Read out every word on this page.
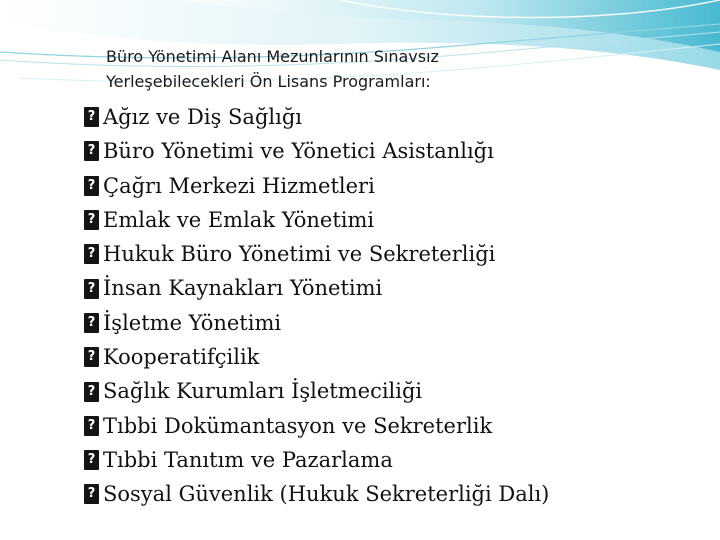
Büro Yönetimi Alanı Mezunlarının Sınavsız
Yerleşebilecekleri Ön Lisans Programları:
?
Ağız ve Diş Sağlığı
?
Büro Yönetimi ve Yönetici Asistanlığı
?
Çağrı Merkezi Hizmetleri
?
Emlak ve Emlak Yönetimi
?
Hukuk Büro Yönetimi ve Sekreterliği
?
İnsan Kaynakları Yönetimi
?
İşletme Yönetimi
?
Kooperatifçilik
?
Sağlık Kurumları İşletmeciliği
?
Tıbbi Dokümantasyon ve Sekreterlik
?
Tıbbi Tanıtım ve Pazarlama
?
Sosyal Güvenlik (Hukuk Sekreterliği Dalı)
